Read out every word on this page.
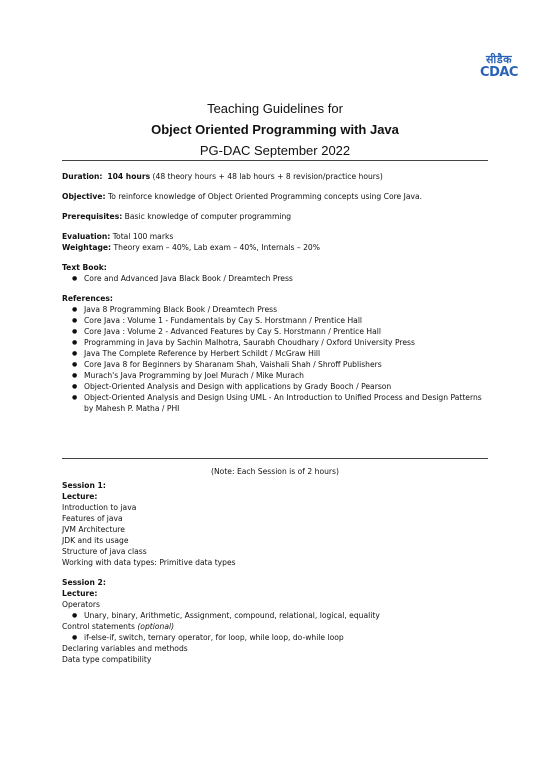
सीडैक
CDAC
Teaching Guidelines for
Object Oriented Programming with Java
PG-DAC September 2022
Duration: 104 hours (48 theory hours + 48 lab hours + 8 revision/practice hours)
Objective: To reinforce knowledge of Object Oriented Programming concepts using Core Java.
Prerequisites: Basic knowledge of computer programming
Evaluation: Total 100 marks
Weightage: Theory exam – 40%, Lab exam – 40%, Internals – 20%
Text Book:
● Core and Advanced Java Black Book / Dreamtech Press
References:
● Java 8 Programming Black Book / Dreamtech Press
● Core Java : Volume 1 - Fundamentals by Cay S. Horstmann / Prentice Hall
● Core Java : Volume 2 - Advanced Features by Cay S. Horstmann / Prentice Hall
● Programming in Java by Sachin Malhotra, Saurabh Choudhary / Oxford University Press
● Java The Complete Reference by Herbert Schildt / McGraw Hill
● Core Java 8 for Beginners by Sharanam Shah, Vaishali Shah / Shroff Publishers
● Murach's Java Programming by Joel Murach / Mike Murach
● Object-Oriented Analysis and Design with applications by Grady Booch / Pearson
● Object-Oriented Analysis and Design Using UML - An Introduction to Unified Process and Design Patterns by Mahesh P. Matha / PHI
(Note: Each Session is of 2 hours)
Session 1:
Lecture:
Introduction to java
Features of java
JVM Architecture
JDK and its usage
Structure of java class
Working with data types: Primitive data types
Session 2:
Lecture:
Operators
● Unary, binary, Arithmetic, Assignment, compound, relational, logical, equality
Control statements (optional)
● if-else-if, switch, ternary operator, for loop, while loop, do-while loop
Declaring variables and methods
Data type compatibility
